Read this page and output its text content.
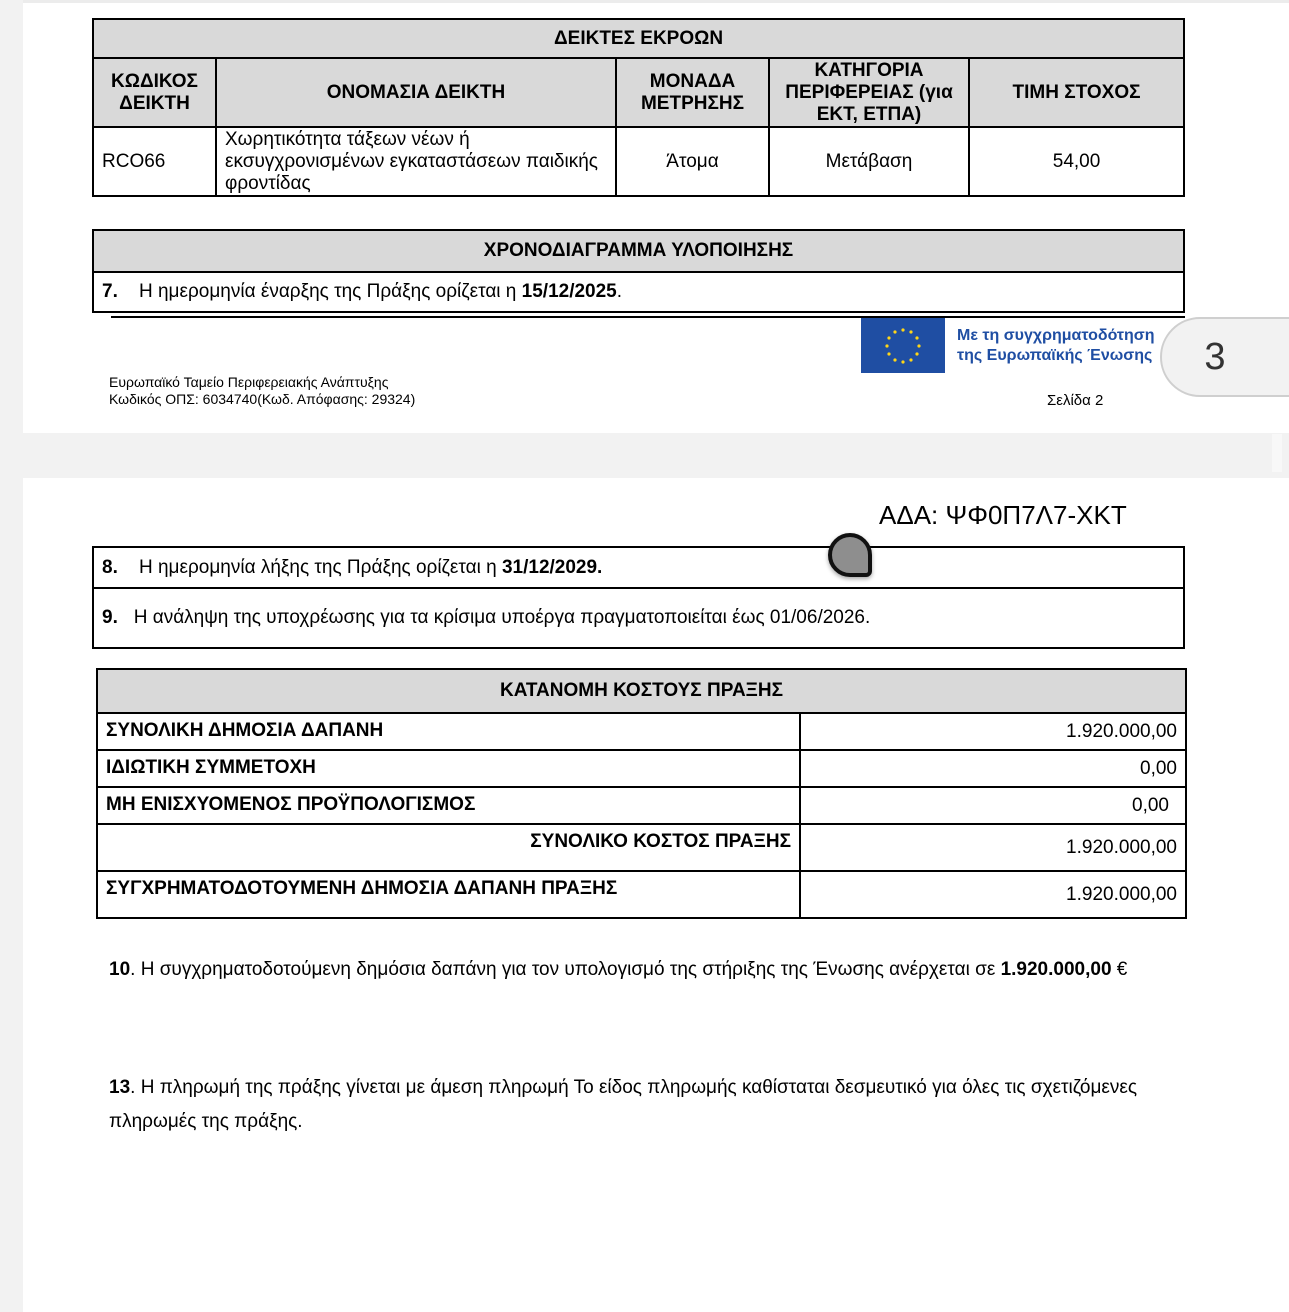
ΔΕΙΚΤΕΣ ΕΚΡΟΩΝ				
ΚΩΔΙΚΟΣ ΔΕΙΚΤΗ	ΟΝΟΜΑΣΙΑ ΔΕΙΚΤΗ	ΜΟΝΑΔΑ ΜΕΤΡΗΣΗΣ	ΚΑΤΗΓΟΡΙΑ ΠΕΡΙΦΕΡΕΙΑΣ (για ΕΚΤ, ΕΤΠΑ)	ΤΙΜΗ ΣΤΟΧΟΣ
RCO66	Χωρητικότητα τάξεων νέων ή εκσυγχρονισμένων εγκαταστάσεων παιδικής φροντίδας	Άτομα	Μετάβαση	54,00
ΧΡΟΝΟΔΙΑΓΡΑΜΜΑ ΥΛΟΠΟΙΗΣΗΣ
7. Η ημερομηνία έναρξης της Πράξης ορίζεται η 15/12/2025.
Με τη συγχρηματοδότηση
της Ευρωπαϊκής Ένωσης
Ευρωπαϊκό Ταμείο Περιφερειακής Ανάπτυξης
Κωδικός ΟΠΣ: 6034740(Κωδ. Απόφασης: 29324)	Σελίδα 2
3
ΑΔΑ: ΨΦ0Π7Λ7-ΧΚΤ
8. Η ημερομηνία λήξης της Πράξης ορίζεται η 31/12/2029.
9. Η ανάληψη της υποχρέωσης για τα κρίσιμα υποέργα πραγματοποιείται έως 01/06/2026.
ΚΑΤΑΝΟΜΗ ΚΟΣΤΟΥΣ ΠΡΑΞΗΣ	
ΣΥΝΟΛΙΚΗ ΔΗΜΟΣΙΑ ΔΑΠΑΝΗ	1.920.000,00
ΙΔΙΩΤΙΚΗ ΣΥΜΜΕΤΟΧΗ	0,00
ΜΗ ΕΝΙΣΧΥΟΜΕΝΟΣ ΠΡΟΫΠΟΛΟΓΙΣΜΟΣ	0,00
ΣΥΝΟΛΙΚΟ ΚΟΣΤΟΣ ΠΡΑΞΗΣ	1.920.000,00
ΣΥΓΧΡΗΜΑΤΟΔΟΤΟΥΜΕΝΗ ΔΗΜΟΣΙΑ ΔΑΠΑΝΗ ΠΡΑΞΗΣ	1.920.000,00
10. Η συγχρηματοδοτούμενη δημόσια δαπάνη για τον υπολογισμό της στήριξης της Ένωσης ανέρχεται σε 1.920.000,00 €
13. Η πληρωμή της πράξης γίνεται με άμεση πληρωμή Το είδος πληρωμής καθίσταται δεσμευτικό για όλες τις σχετιζόμενες πληρωμές της πράξης.
